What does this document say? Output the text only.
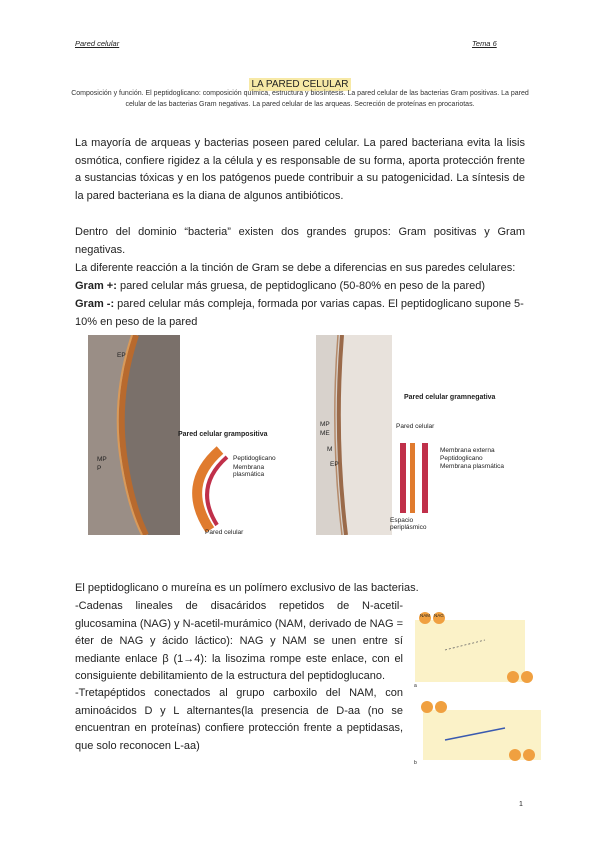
Pared celular	Tema 6
LA PARED CELULAR
Composición y función. El peptidoglicano: composición química, estructura y biosíntesis. La pared celular de las bacterias Gram positivas. La pared celular de las bacterias Gram negativas. La pared celular de las arqueas. Secreción de proteínas en procariotas.
La mayoría de arqueas y bacterias poseen pared celular. La pared bacteriana evita la lisis osmótica, confiere rigidez a la célula y es responsable de su forma, aporta protección frente a sustancias tóxicas y en los patógenos puede contribuir a su patogenicidad. La síntesis de la pared bacteriana es la diana de algunos antibióticos.
Dentro del dominio “bacteria” existen dos grandes grupos: Gram positivas y Gram negativas.
La diferente reacción a la tinción de Gram se debe a diferencias en sus paredes celulares:
Gram +: pared celular más gruesa, de peptidoglicano (50-80% en peso de la pared)
Gram -: pared celular más compleja, formada por varias capas. El peptidoglicano supone 5-10% en peso de la pared
EP
MP
P
Pared celular grampositiva
Peptidoglicano
Membrana plasmática
Pared celular
MP
ME
M
EP
Pared celular gramnegativa
Pared celular
Membrana externa
Peptidoglicano
Membrana plasmática
Espacio periplásmico
El peptidoglicano o mureína es un polímero exclusivo de las bacterias.
-Cadenas lineales de disacáridos repetidos de N-acetil-glucosamina (NAG) y N-acetil-murámico (NAM, derivado de NAG = éter de NAG y ácido láctico): NAG y NAM se unen entre sí mediante enlace β (1→4): la lisozima rompe este enlace, con el consiguiente debilitamiento de la estructura del peptidoglucano.
-Tretapéptidos conectados al grupo carboxilo del NAM, con aminoácidos D y L alternantes(la presencia de D-aa (no se encuentran en proteínas) confiere protección frente a peptidasas, que solo reconocen L-aa)
NAM NAG
a
b
1
